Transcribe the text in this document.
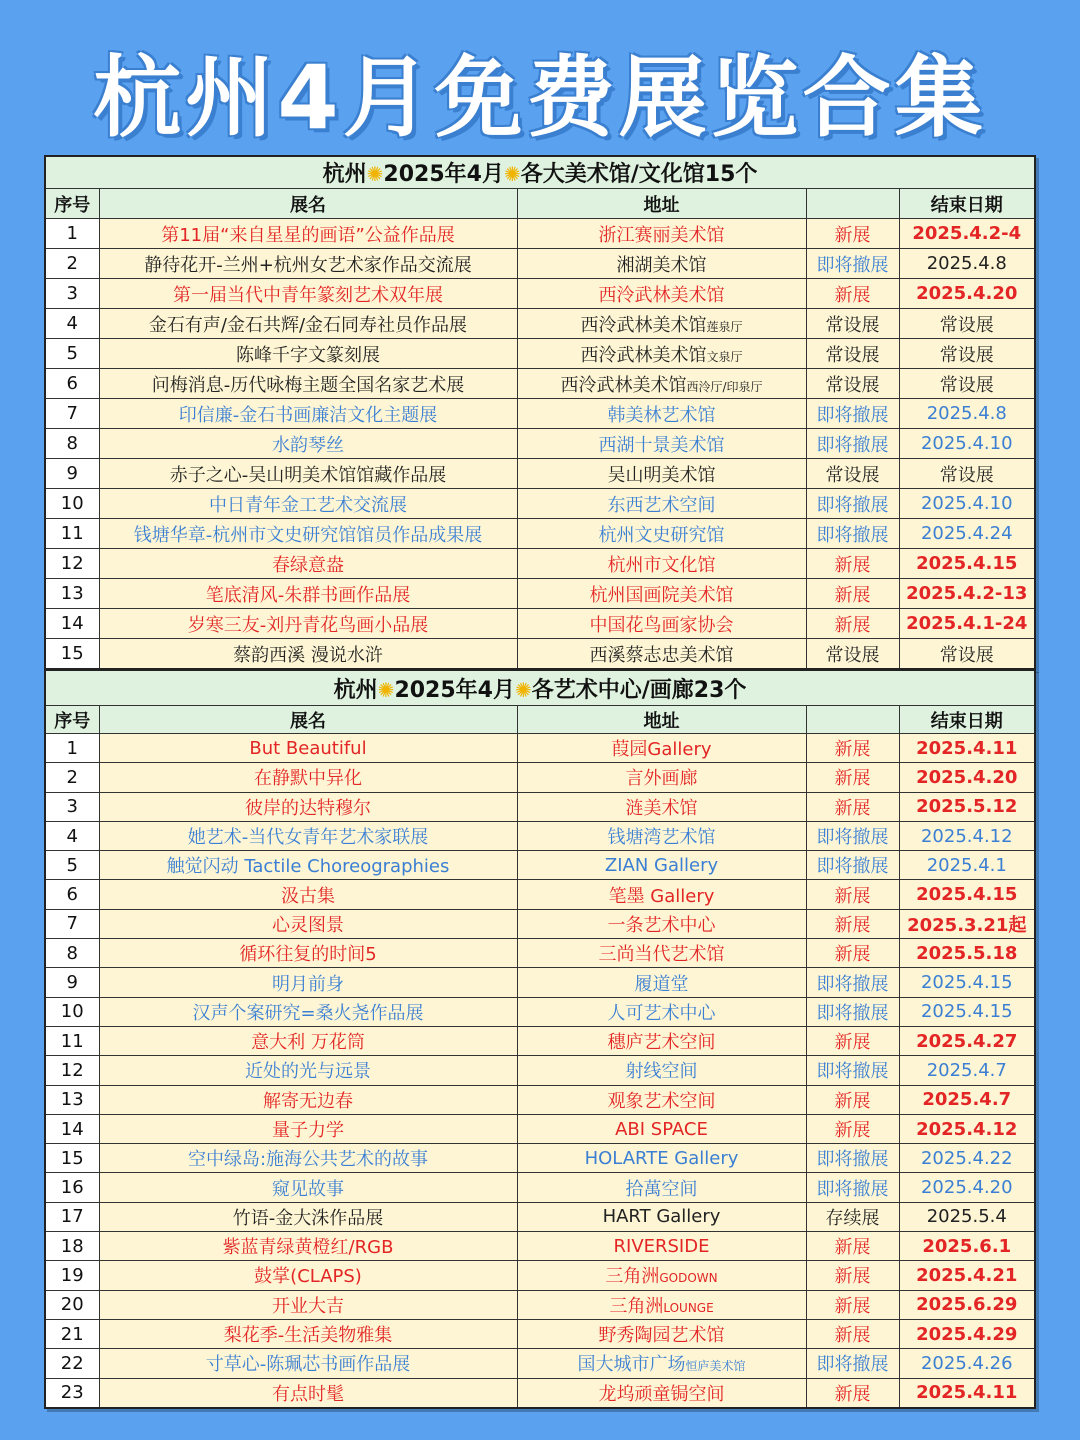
杭州4月免费展览合集
杭州✺2025年4月✺各大美术馆/文化馆15个				
序号	展名	地址		结束日期
1	第11届“来自星星的画语”公益作品展	浙江赛丽美术馆	新展	2025.4.2-4
2	静待花开-兰州+杭州女艺术家作品交流展	湘湖美术馆	即将撤展	2025.4.8
3	第一届当代中青年篆刻艺术双年展	西泠武林美术馆	新展	2025.4.20
4	金石有声/金石共辉/金石同寿社员作品展	西泠武林美术馆莲泉厅	常设展	常设展
5	陈峰千字文篆刻展	西泠武林美术馆文泉厅	常设展	常设展
6	问梅消息-历代咏梅主题全国名家艺术展	西泠武林美术馆西泠厅/印泉厅	常设展	常设展
7	印信廉-金石书画廉洁文化主题展	韩美林艺术馆	即将撤展	2025.4.8
8	水韵琴丝	西湖十景美术馆	即将撤展	2025.4.10
9	赤子之心-吴山明美术馆馆藏作品展	吴山明美术馆	常设展	常设展
10	中日青年金工艺术交流展	东西艺术空间	即将撤展	2025.4.10
11	钱塘华章-杭州市文史研究馆馆员作品成果展	杭州文史研究馆	即将撤展	2025.4.24
12	春绿意盎	杭州市文化馆	新展	2025.4.15
13	笔底清风-朱群书画作品展	杭州国画院美术馆	新展	2025.4.2-13
14	岁寒三友-刘丹青花鸟画小品展	中国花鸟画家协会	新展	2025.4.1-24
15	蔡韵西溪 漫说水浒	西溪蔡志忠美术馆	常设展	常设展
杭州✺2025年4月✺各艺术中心/画廊23个				
序号	展名	地址		结束日期
1	But Beautiful	葭园Gallery	新展	2025.4.11
2	在静默中异化	言外画廊	新展	2025.4.20
3	彼岸的达特穆尔	涟美术馆	新展	2025.5.12
4	她艺术-当代女青年艺术家联展	钱塘湾艺术馆	即将撤展	2025.4.12
5	触觉闪动 Tactile Choreographies	ZIAN Gallery	即将撤展	2025.4.1
6	汲古集	笔墨 Gallery	新展	2025.4.15
7	心灵图景	一条艺术中心	新展	2025.3.21起
8	循环往复的时间5	三尚当代艺术馆	新展	2025.5.18
9	明月前身	履道堂	即将撤展	2025.4.15
10	汉声个案研究=桑火尧作品展	人可艺术中心	即将撤展	2025.4.15
11	意大利 万花筒	穗庐艺术空间	新展	2025.4.27
12	近处的光与远景	射线空间	即将撤展	2025.4.7
13	解寄无边春	观象艺术空间	新展	2025.4.7
14	量子力学	ABI SPACE	新展	2025.4.12
15	空中绿岛:施海公共艺术的故事	HOLARTE Gallery	即将撤展	2025.4.22
16	窥见故事	拾萬空间	即将撤展	2025.4.20
17	竹语-金大洙作品展	HART Gallery	存续展	2025.5.4
18	紫蓝青绿黄橙红/RGB	RIVERSIDE	新展	2025.6.1
19	鼓掌(CLAPS)	三角洲GODOWN	新展	2025.4.21
20	开业大吉	三角洲LOUNGE	新展	2025.6.29
21	梨花季-生活美物雅集	野秀陶园艺术馆	新展	2025.4.29
22	寸草心-陈珮芯书画作品展	国大城市广场恒庐美术馆	即将撤展	2025.4.26
23	有点时髦	龙坞顽童锔空间	新展	2025.4.11
